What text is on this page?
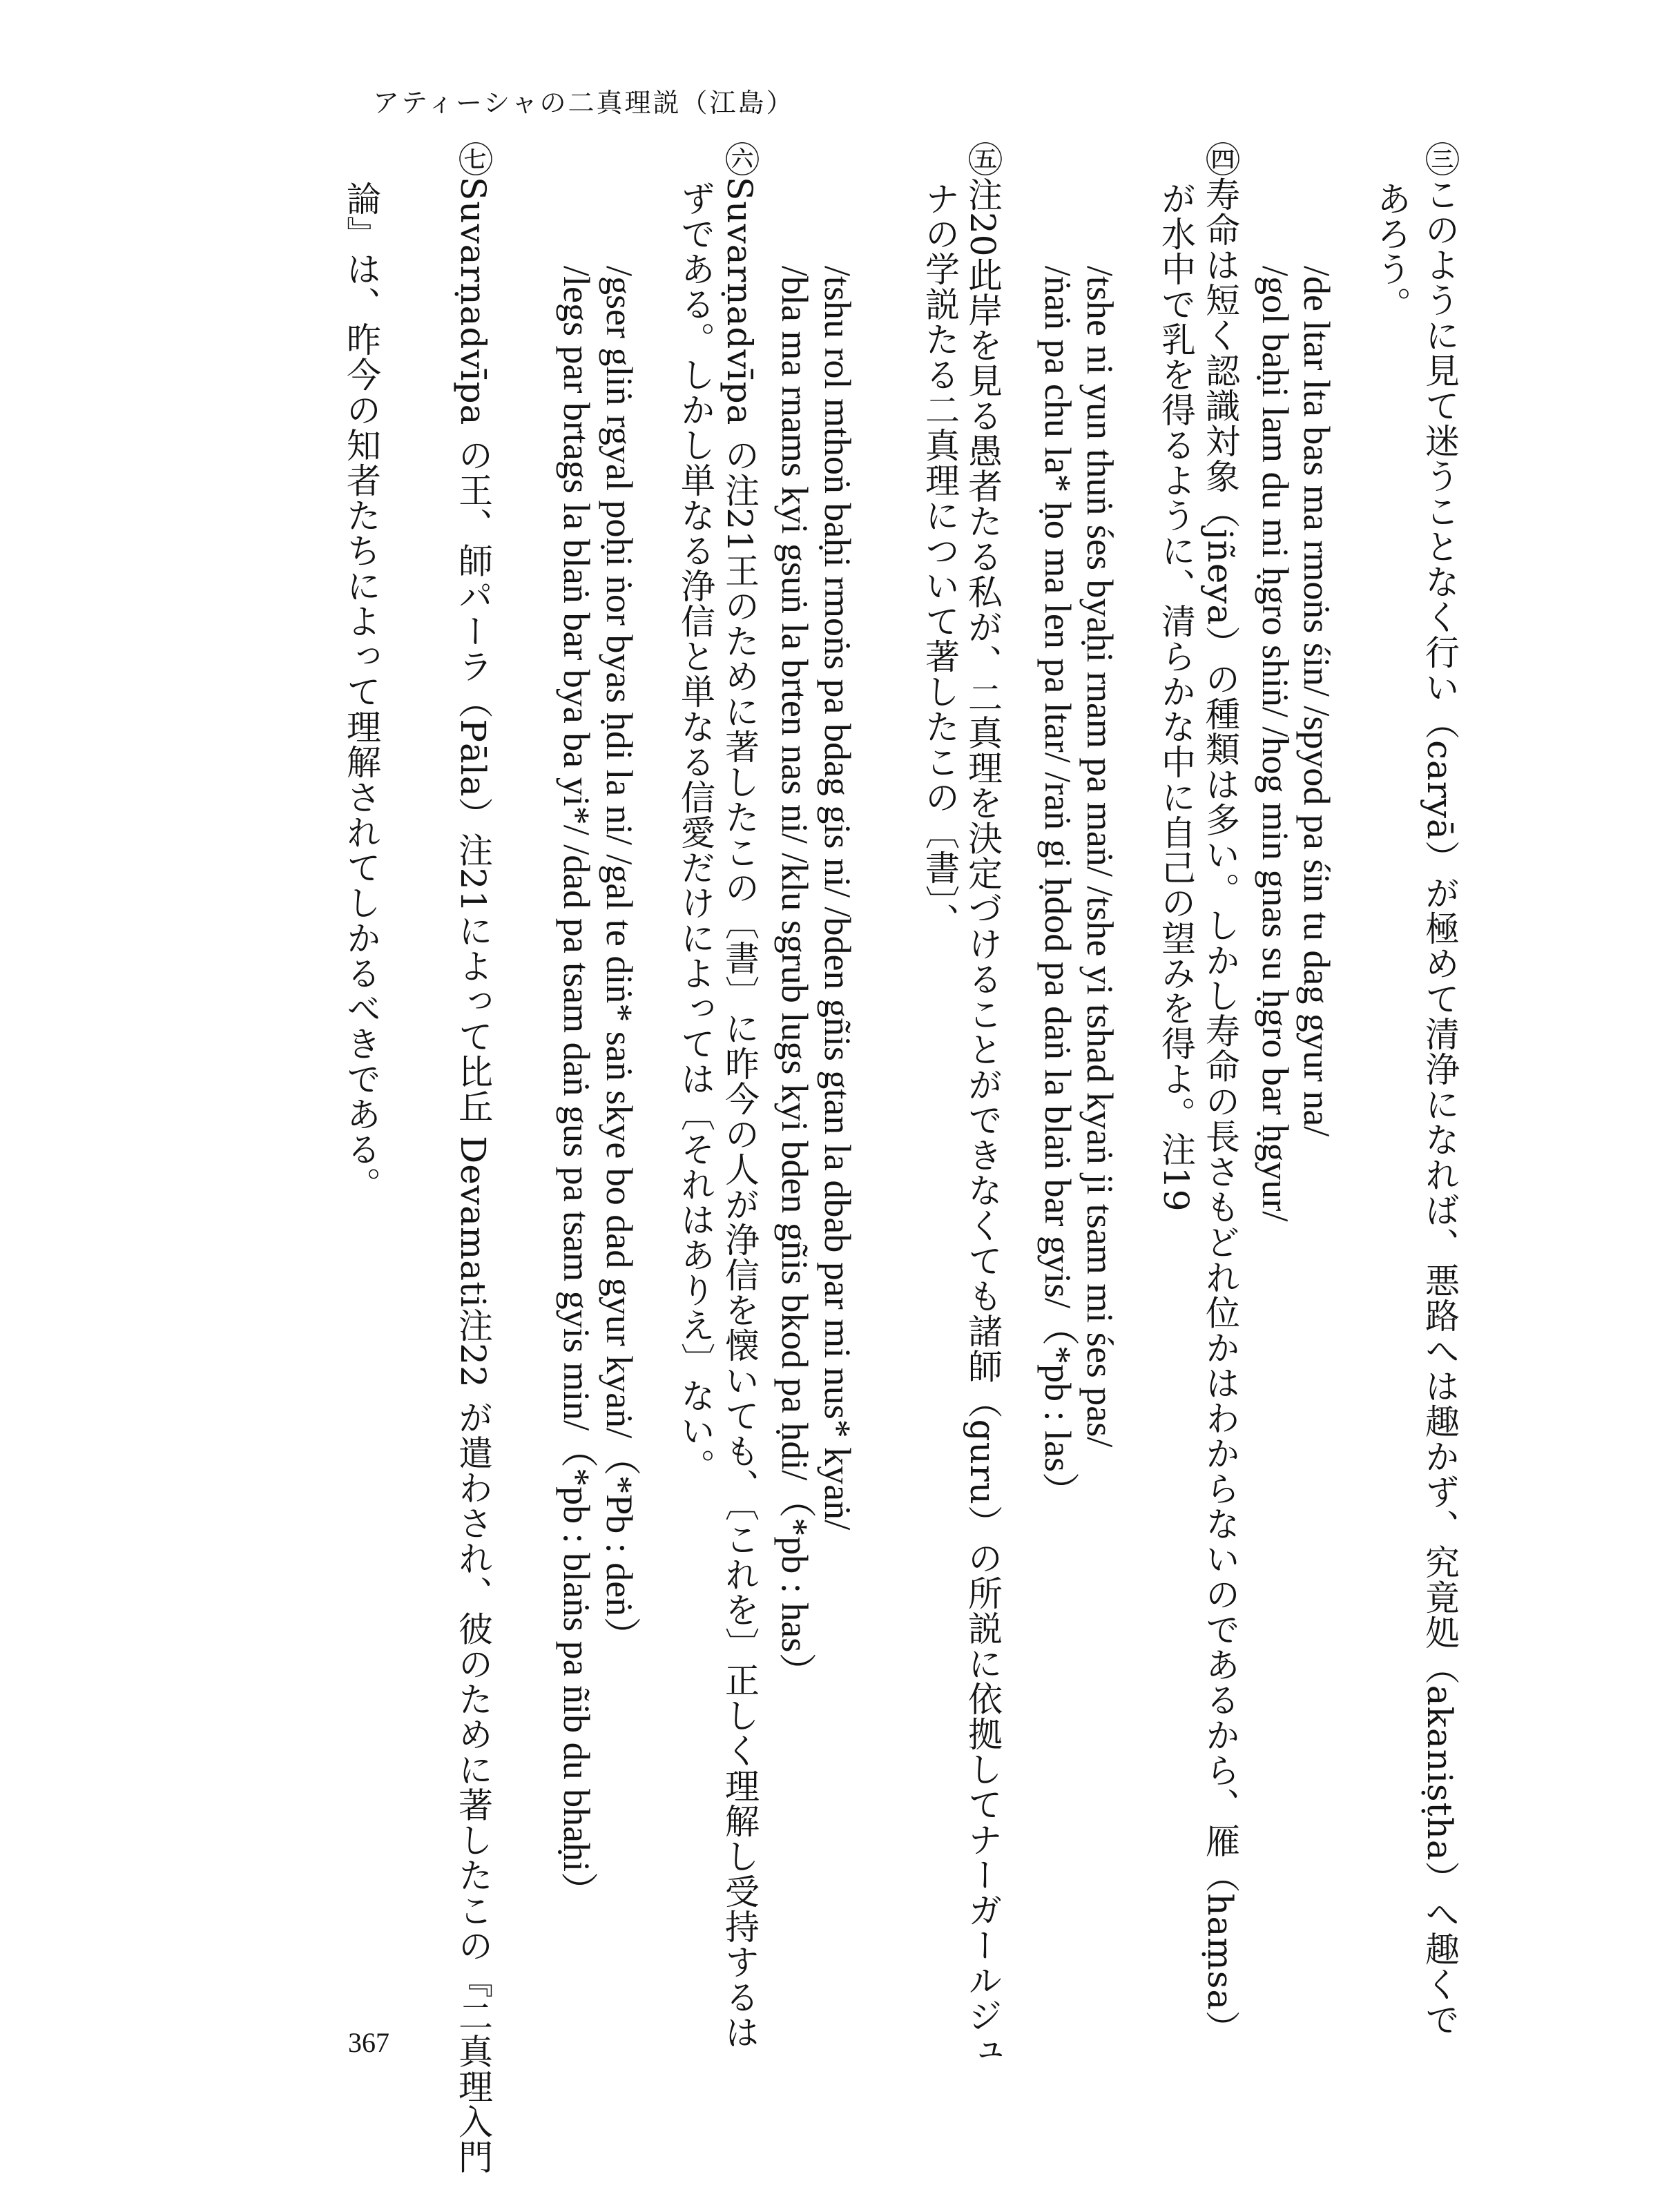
アティーシャの二真理説（江島）
㊂このように見て迷うことなく行い（caryā）が極めて清浄になれば、悪路へは趣かず、究竟処（akaniṣṭha）へ趣くで
あろう。
/de ltar lta bas ma rmoṅs śin/ /spyod pa śin tu dag gyur na/
/gol baḥi lam du mi ḥgro shiṅ/ /hog min gnas su ḥgro bar ḥgyur/
㊃寿命は短く認識対象（jñeya）の種類は多い。しかし寿命の長さもどれ位かはわからないのであるから、雁（haṃsa）
が水中で乳を得るように、清らかな中に自己の望みを得よ。注19
/tshe ni yun thuṅ śes byaḥi rnam pa maṅ/ /tshe yi tshad kyaṅ ji tsam mi śes pas/
/ṅaṅ pa chu la* ḥo ma len pa ltar/ /raṅ gi ḥdod pa daṅ la blaṅ bar gyis/（*pb : las）
㊄注20此岸を見る愚者たる私が、二真理を決定づけることができなくても諸師（guru）の所説に依拠してナーガールジュ
ナの学説たる二真理について著したこの〔書〕、
/tshu rol mthoṅ baḥi rmoṅs pa bdag gis ni/ /bden gñis gtan la dbab par mi nus* kyaṅ/
/bla ma rnams kyi gsuṅ la brten nas ni/ /klu sgrub lugs kyi bden gñis bkod pa ḥdi/（*pb : has）
㊅Suvarṇadvīpa の注21王のために著したこの〔書〕に昨今の人が浄信を懐いても、〔これを〕正しく理解し受持するは
ずである。しかし単なる浄信と単なる信愛だけによっては〔それはありえ〕ない。
/gser gliṅ rgyal poḥi ṅor byas ḥdi la ni/ /gal te diṅ* saṅ skye bo dad gyur kyaṅ/（*Pb : deṅ）
/legs par brtags la blaṅ bar bya ba yi*/ /dad pa tsam daṅ gus pa tsam gyis min/（*pb : blaṅs pa ñib du bhaḥi）
㊆Suvarṇadvīpa の王、師パーラ（Pāla）注21によって比丘 Devamati注22 が遣わされ、彼のために著したこの『二真理入門
論』は、昨今の知者たちによって理解されてしかるべきである。
367
